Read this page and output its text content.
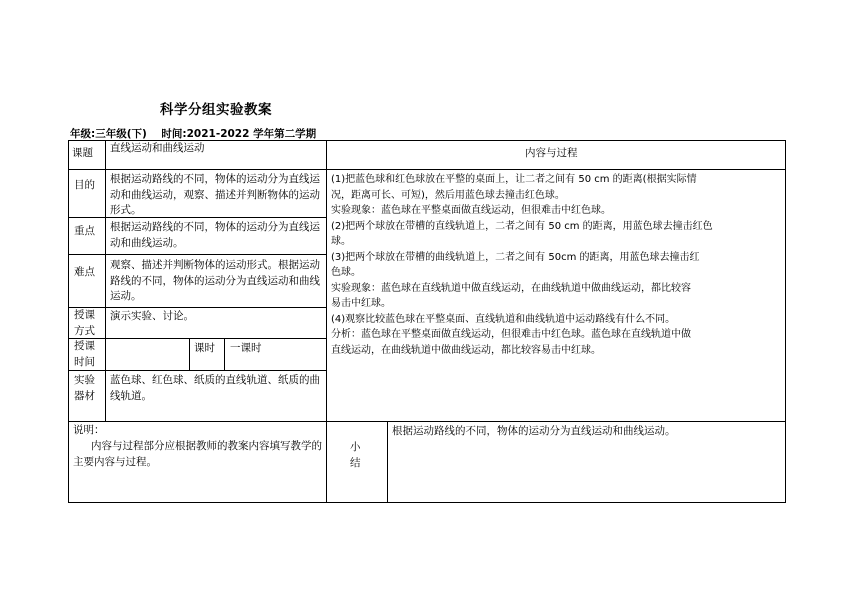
科学分组实验教案
年级:三年级(下)    时间:2021-2022 学年第二学期
课题 直线运动和曲线运动	内容与过程
目的 根据运动路线的不同，物体的运动分为直线运动和曲线运动，观察、描述并判断物体的运动形式。
重点 根据运动路线的不同，物体的运动分为直线运动和曲线运动。
难点
观察、描述并判断物体的运动形式。根据运动路线的不同，物体的运动分为直线运动和曲线运动。
授课
方式
演示实验、讨论。
授课
时间
课时 一课时
实验
器材
蓝色球、红色球、纸质的直线轨道、纸质的曲线轨道。
(1)把蓝色球和红色球放在平整的桌面上，让二者之间有 50 cm 的距离(根据实际情
况，距离可长、可短)，然后用蓝色球去撞击红色球。
实验现象：蓝色球在平整桌面做直线运动，但很难击中红色球。
(2)把两个球放在带槽的直线轨道上，二者之间有 50 cm 的距离，用蓝色球去撞击红色
球。
(3)把两个球放在带槽的曲线轨道上，二者之间有 50cm 的距离，用蓝色球去撞击红
色球。
实验现象：蓝色球在直线轨道中做直线运动，在曲线轨道中做曲线运动，都比较容
易击中红球。
(4)观察比较蓝色球在平整桌面、直线轨道和曲线轨道中运动路线有什么不同。
分析：蓝色球在平整桌面做直线运动，但很难击中红色球。蓝色球在直线轨道中做
直线运动，在曲线轨道中做曲线运动，都比较容易击中红球。
说明：
内容与过程部分应根据教师的教案内容填写教学的主要内容与过程。
小
结
根据运动路线的不同，物体的运动分为直线运动和曲线运动。
